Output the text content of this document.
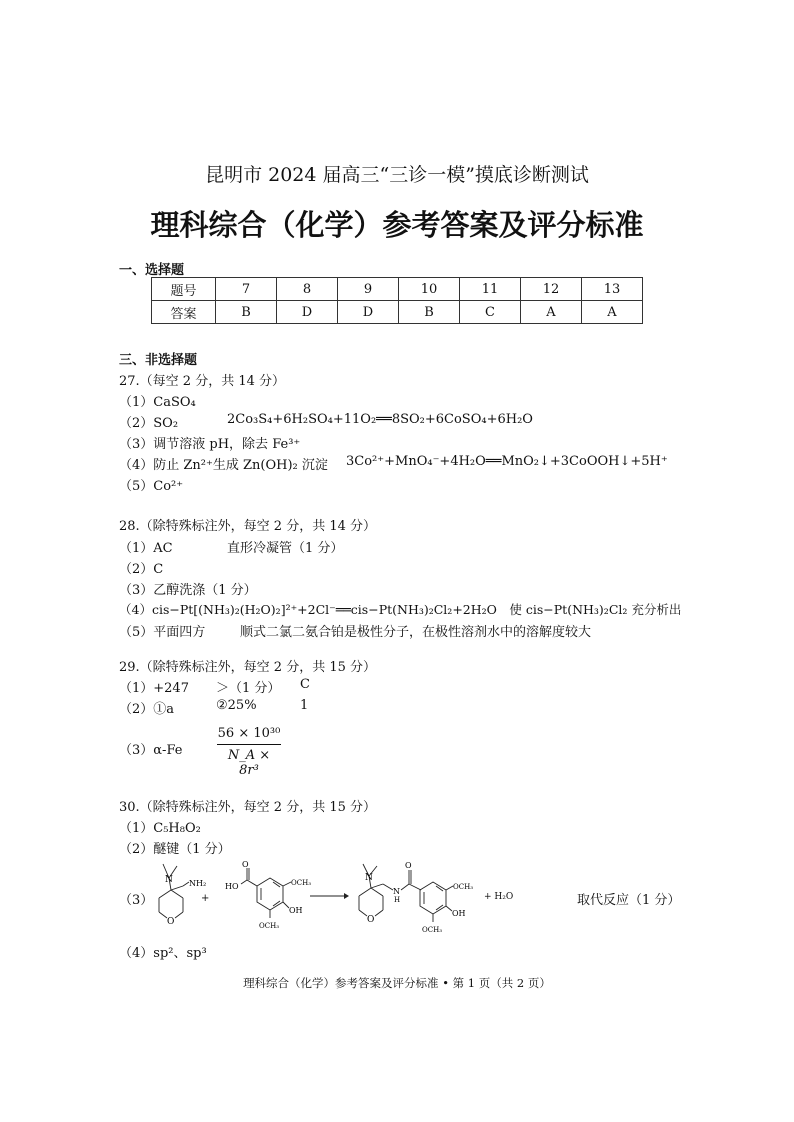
昆明市 2024 届高三“三诊一模”摸底诊断测试
理科综合（化学）参考答案及评分标准
一、选择题
题号	7	8	9	10	11	12	13
答案	B	D	D	B	C	A	A
三、非选择题
27.（每空 2 分，共 14 分）
（1）CaSO₄
（2）SO₂	2Co₃S₄+6H₂SO₄+11O₂══8SO₂+6CoSO₄+6H₂O
（3）调节溶液 pH，除去 Fe³⁺
（4）防止 Zn²⁺生成 Zn(OH)₂ 沉淀 3Co²⁺+MnO₄⁻+4H₂O══MnO₂↓+3CoOOH↓+5H⁺
（5）Co²⁺
28.（除特殊标注外，每空 2 分，共 14 分）
（1）AC	直形冷凝管（1 分）
（2）C
（3）乙醇洗涤（1 分）
（4）cis−Pt[(NH₃)₂(H₂O)₂]²⁺+2Cl⁻══cis−Pt(NH₃)₂Cl₂+2H₂O　使 cis−Pt(NH₃)₂Cl₂ 充分析出
（5）平面四方	顺式二氯二氨合铂是极性分子，在极性溶剂水中的溶解度较大
29.（除特殊标注外，每空 2 分，共 15 分）
（1）+247 ＞（1 分） C
（2）①a	②25%	1
（3）α-Fe	$\frac{\text{56 × 10³⁰}}{\text{N\_A × 8r³}}$
30.（除特殊标注外，每空 2 分，共 15 分）
（1）C₅H₈O₂
（2）醚键（1 分）
（3）
N NH₂
O
+
O
HO	OCH₃
OH
OCH₃
N
O
N
H
O
OCH₃
OH
OCH₃
+ H₂O	取代反应（1 分）
（4）sp²、sp³
理科综合（化学）参考答案及评分标准 • 第 1 页（共 2 页）
